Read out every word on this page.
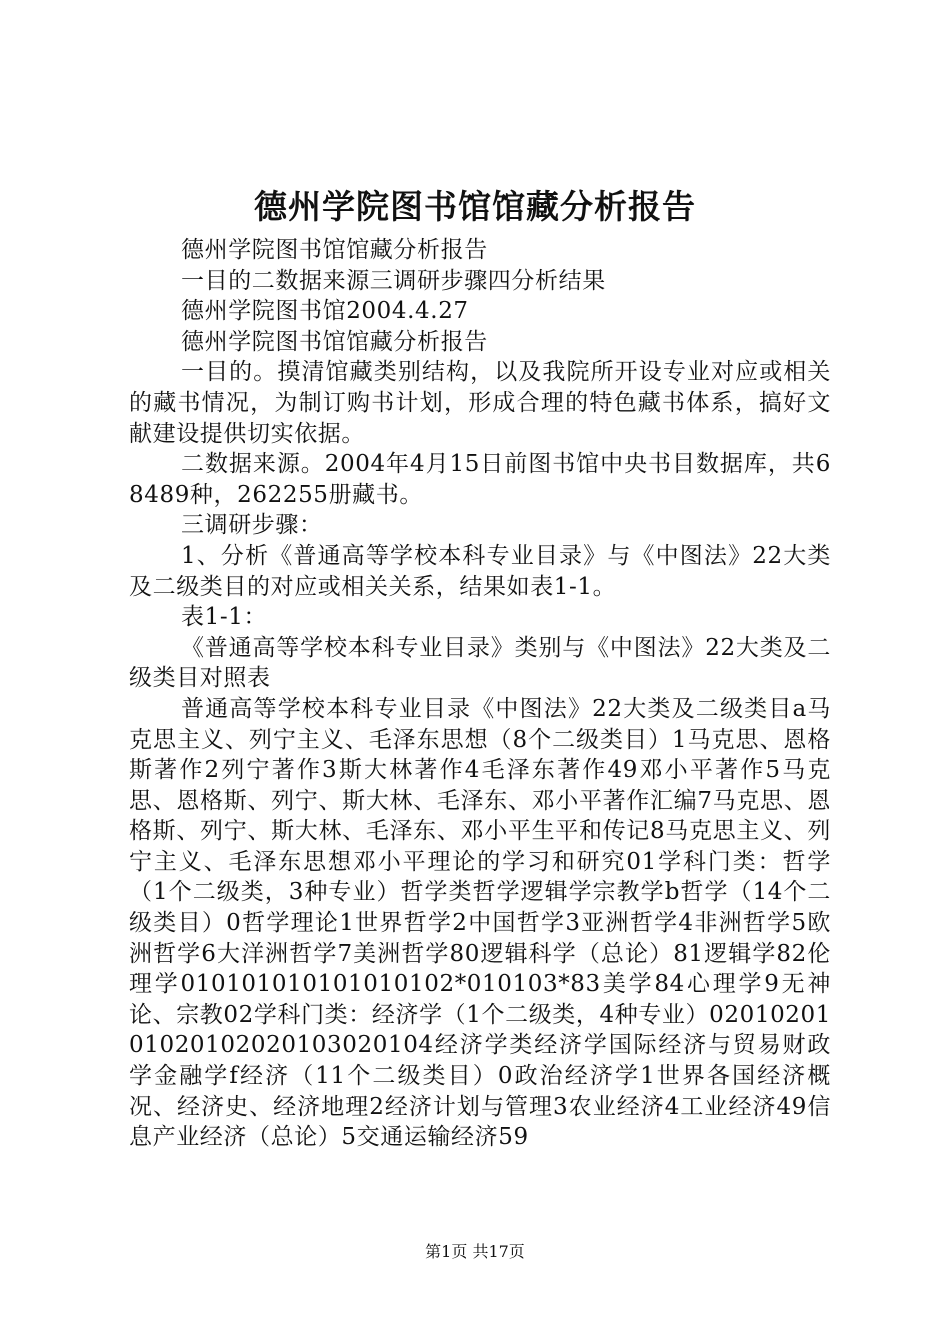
德州学院图书馆馆藏分析报告

德州学院图书馆馆藏分析报告

一目的二数据来源三调研步骤四分析结果

德州学院图书馆2004.4.27

德州学院图书馆馆藏分析报告

一目的。摸清馆藏类别结构，以及我院所开设专业对应或相关的藏书情况，为制订购书计划，形成合理的特色藏书体系，搞好文献建设提供切实依据。

二数据来源。2004年4月15日前图书馆中央书目数据库，共68489种，262255册藏书。

三调研步骤：

1、分析《普通高等学校本科专业目录》与《中图法》22大类及二级类目的对应或相关关系，结果如表1-1。

表1-1：

《普通高等学校本科专业目录》类别与《中图法》22大类及二级类目对照表

普通高等学校本科专业目录《中图法》22大类及二级类目a马克思主义、列宁主义、毛泽东思想（8个二级类目）1马克思、恩格斯著作2列宁著作3斯大林著作4毛泽东著作49邓小平著作5马克思、恩格斯、列宁、斯大林、毛泽东、邓小平著作汇编7马克思、恩格斯、列宁、斯大林、毛泽东、邓小平生平和传记8马克思主义、列宁主义、毛泽东思想邓小平理论的学习和研究01学科门类：哲学（1个二级类，3种专业）哲学类哲学逻辑学宗教学b哲学（14个二级类目）0哲学理论1世界哲学2中国哲学3亚洲哲学4非洲哲学5欧洲哲学6大洋洲哲学7美洲哲学80逻辑科学（总论）81逻辑学82伦理学010101010101010102*010103*83美学84心理学9无神论、宗教02学科门类：经济学（1个二级类，4种专业）0201020101020102020103020104经济学类经济学国际经济与贸易财政学金融学f经济（11个二级类目）0政治经济学1世界各国经济概况、经济史、经济地理2经济计划与管理3农业经济4工业经济49信息产业经济（总论）5交通运输经济59

第1页 共17页
